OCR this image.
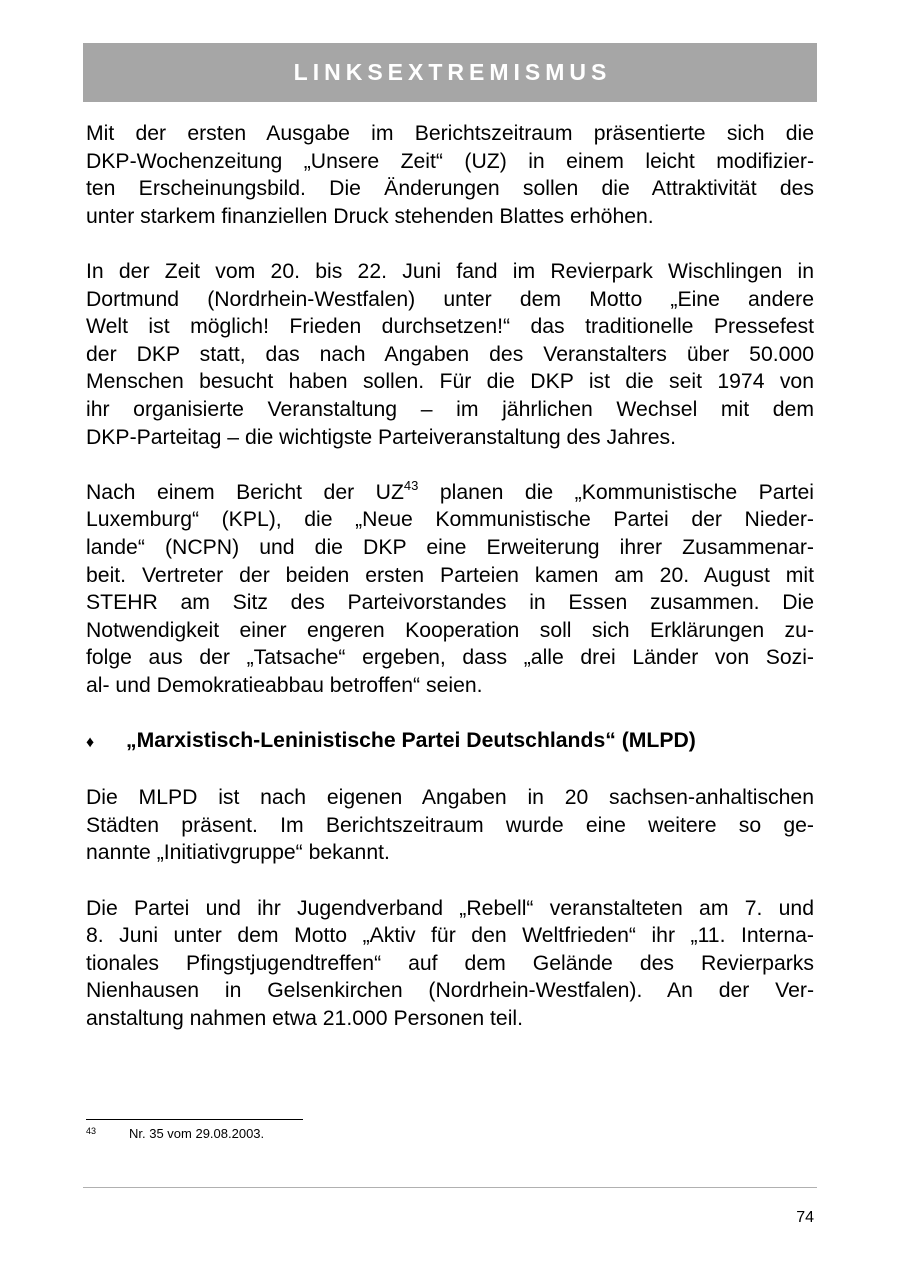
LINKSEXTREMISMUS

Mit der ersten Ausgabe im Berichtszeitraum präsentierte sich die
DKP-Wochenzeitung „Unsere Zeit“ (UZ) in einem leicht modifizier-
ten Erscheinungsbild. Die Änderungen sollen die Attraktivität des
unter starkem finanziellen Druck stehenden Blattes erhöhen.

In der Zeit vom 20. bis 22. Juni fand im Revierpark Wischlingen in
Dortmund (Nordrhein-Westfalen) unter dem Motto „Eine andere
Welt ist möglich! Frieden durchsetzen!“ das traditionelle Pressefest
der DKP statt, das nach Angaben des Veranstalters über 50.000
Menschen besucht haben sollen. Für die DKP ist die seit 1974 von
ihr organisierte Veranstaltung – im jährlichen Wechsel mit dem
DKP-Parteitag – die wichtigste Parteiveranstaltung des Jahres.

Nach einem Bericht der UZ$^{43}$ planen die „Kommunistische Partei
Luxemburg“ (KPL), die „Neue Kommunistische Partei der Nieder-
lande“ (NCPN) und die DKP eine Erweiterung ihrer Zusammenar-
beit. Vertreter der beiden ersten Parteien kamen am 20. August mit
STEHR am Sitz des Parteivorstandes in Essen zusammen. Die
Notwendigkeit einer engeren Kooperation soll sich Erklärungen zu-
folge aus der „Tatsache“ ergeben, dass „alle drei Länder von Sozi-
al- und Demokratieabbau betroffen“ seien.

♦	„Marxistisch-Leninistische Partei Deutschlands“ (MLPD)

Die MLPD ist nach eigenen Angaben in 20 sachsen-anhaltischen
Städten präsent. Im Berichtszeitraum wurde eine weitere so ge-
nannte „Initiativgruppe“ bekannt.

Die Partei und ihr Jugendverband „Rebell“ veranstalteten am 7. und
8. Juni unter dem Motto „Aktiv für den Weltfrieden“ ihr „11. Interna-
tionales Pfingstjugendtreffen“ auf dem Gelände des Revierparks
Nienhausen in Gelsenkirchen (Nordrhein-Westfalen). An der Ver-
anstaltung nahmen etwa 21.000 Personen teil.

43	Nr. 35 vom 29.08.2003.
74
